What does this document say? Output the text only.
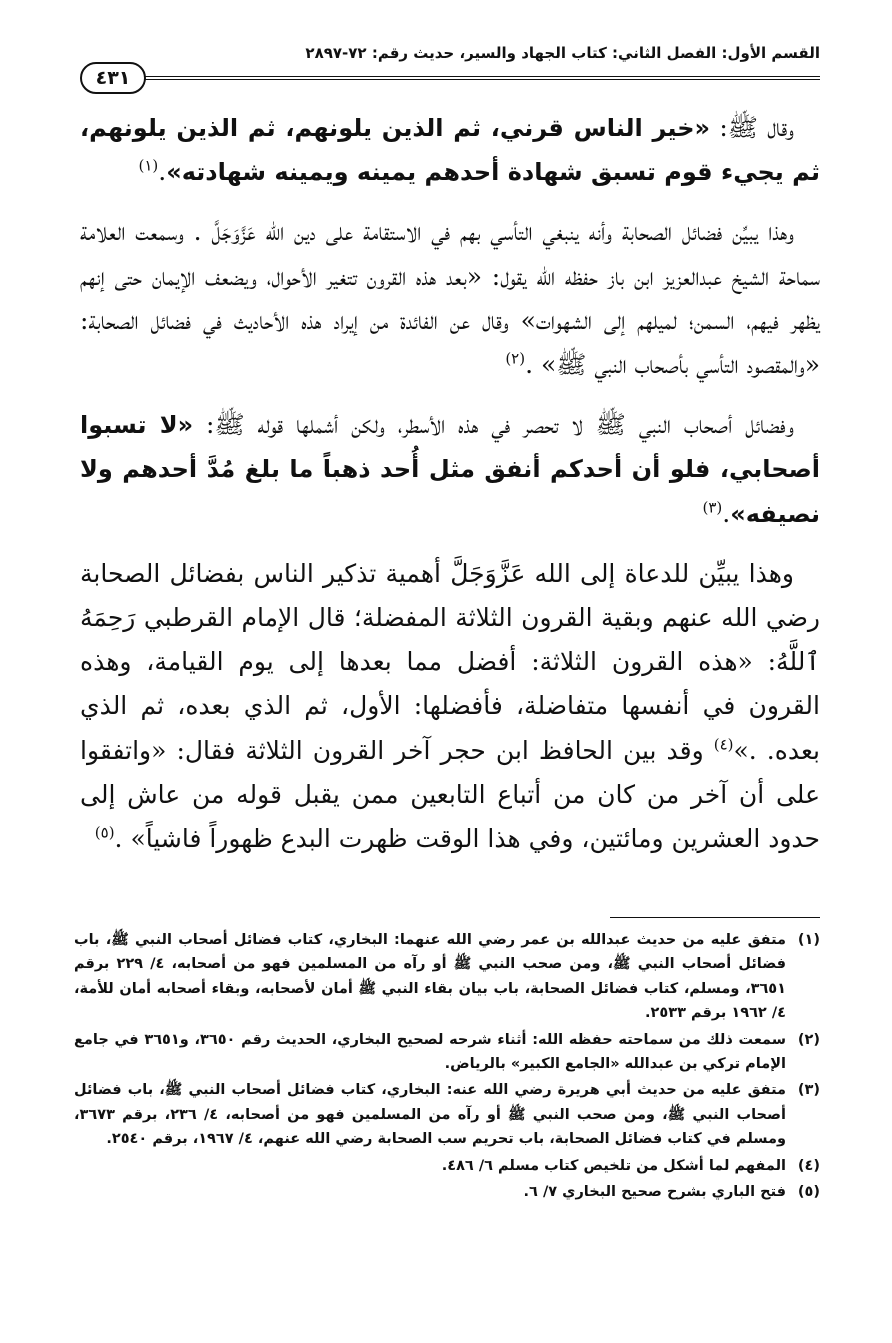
القسم الأول: الفصل الثاني: كتاب الجهاد والسير، حديث رقم: ٧٢-٢٨٩٧
٤٣١

وقال ﷺ: «خير الناس قرني، ثم الذين يلونهم، ثم الذين يلونهم، ثم يجيء قوم تسبق شهادة أحدهم يمينه ويمينه شهادته».$^{(١)}$

وهذا يبيِّن فضائل الصحابة وأنه ينبغي التأسي بهم في الاستقامة على دين الله عَزَّوَجَلَّ . وسمعت العلامة سماحة الشيخ عبدالعزيز ابن باز حفظه الله يقول: «بعد هذه القرون تتغير الأحوال، ويضعف الإيمان حتى إنهم يظهر فيهم، السمن؛ لميلهم إلى الشهوات» وقال عن الفائدة من إيراد هذه الأحاديث في فضائل الصحابة: «والمقصود التأسي بأصحاب النبي ﷺ» .$^{(٢)}$

وفضائل أصحاب النبي ﷺ لا تحصر في هذه الأسطر، ولكن أشملها قوله ﷺ: «لا تسبوا أصحابي، فلو أن أحدكم أنفق مثل أُحد ذهباً ما بلغ مُدَّ أحدهم ولا نصيفه».$^{(٣)}$

وهذا يبيِّن للدعاة إلى الله عَزَّوَجَلَّ أهمية تذكير الناس بفضائل الصحابة رضي الله عنهم وبقية القرون الثلاثة المفضلة؛ قال الإمام القرطبي رَحِمَهُ ٱللَّهُ: «هذه القرون الثلاثة: أفضل مما بعدها إلى يوم القيامة، وهذه القرون في أنفسها متفاضلة، فأفضلها: الأول، ثم الذي بعده، ثم الذي بعده. .»$^{(٤)}$ وقد بين الحافظ ابن حجر آخر القرون الثلاثة فقال: «واتفقوا على أن آخر من كان من أتباع التابعين ممن يقبل قوله من عاش إلى حدود العشرين ومائتين، وفي هذا الوقت ظهرت البدع ظهوراً فاشياً» .$^{(٥)}$

(١)
متفق عليه من حديث عبدالله بن عمر رضي الله عنهما: البخاري، كتاب فضائل أصحاب النبي ﷺ، باب فضائل أصحاب النبي ﷺ، ومن صحب النبي ﷺ أو رآه من المسلمين فهو من أصحابه، ٤/ ٢٢٩ برقم ٣٦٥١، ومسلم، كتاب فضائل الصحابة، باب بيان بقاء النبي ﷺ أمان لأصحابه، وبقاء أصحابه أمان للأمة، ٤/ ١٩٦٢ برقم ٢٥٣٣.
(٢)
سمعت ذلك من سماحته حفظه الله: أثناء شرحه لصحيح البخاري، الحديث رقم ٣٦٥٠، و٣٦٥١ في جامع الإمام تركي بن عبدالله «الجامع الكبير» بالرياض.
(٣)
متفق عليه من حديث أبي هريرة رضي الله عنه: البخاري، كتاب فضائل أصحاب النبي ﷺ، باب فضائل أصحاب النبي ﷺ، ومن صحب النبي ﷺ أو رآه من المسلمين فهو من أصحابه، ٤/ ٢٣٦، برقم ٣٦٧٣، ومسلم في كتاب فضائل الصحابة، باب تحريم سب الصحابة رضي الله عنهم، ٤/ ١٩٦٧، برقم ٢٥٤٠.
(٤)
المفهم لما أشكل من تلخيص كتاب مسلم ٦/ ٤٨٦.
(٥)
فتح الباري بشرح صحيح البخاري ٧/ ٦.
